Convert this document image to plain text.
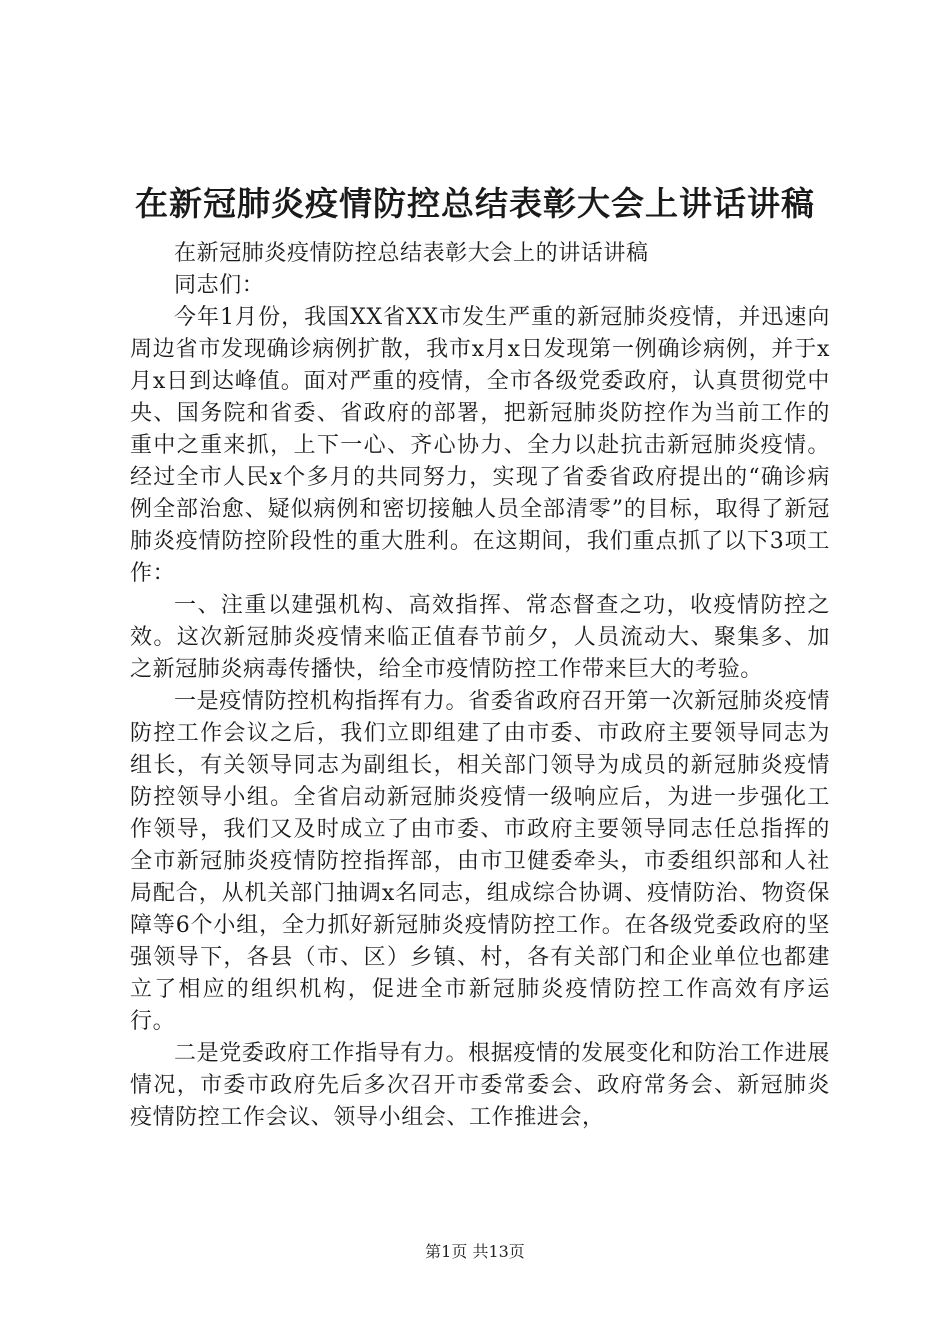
在新冠肺炎疫情防控总结表彰大会上讲话讲稿

在新冠肺炎疫情防控总结表彰大会上的讲话讲稿

同志们：

今年1月份，我国XX省XX市发生严重的新冠肺炎疫情，并迅速向周边省市发现确诊病例扩散，我市x月x日发现第一例确诊病例，并于x月x日到达峰值。面对严重的疫情，全市各级党委政府，认真贯彻党中央、国务院和省委、省政府的部署，把新冠肺炎防控作为当前工作的重中之重来抓，上下一心、齐心协力、全力以赴抗击新冠肺炎疫情。经过全市人民x个多月的共同努力，实现了省委省政府提出的“确诊病例全部治愈、疑似病例和密切接触人员全部清零”的目标，取得了新冠肺炎疫情防控阶段性的重大胜利。在这期间，我们重点抓了以下3项工作：

一、注重以建强机构、高效指挥、常态督查之功，收疫情防控之效。这次新冠肺炎疫情来临正值春节前夕，人员流动大、聚集多、加之新冠肺炎病毒传播快，给全市疫情防控工作带来巨大的考验。

一是疫情防控机构指挥有力。省委省政府召开第一次新冠肺炎疫情防控工作会议之后，我们立即组建了由市委、市政府主要领导同志为组长，有关领导同志为副组长，相关部门领导为成员的新冠肺炎疫情防控领导小组。全省启动新冠肺炎疫情一级响应后，为进一步强化工作领导，我们又及时成立了由市委、市政府主要领导同志任总指挥的全市新冠肺炎疫情防控指挥部，由市卫健委牵头，市委组织部和人社局配合，从机关部门抽调x名同志，组成综合协调、疫情防治、物资保障等6个小组，全力抓好新冠肺炎疫情防控工作。在各级党委政府的坚强领导下，各县（市、区）乡镇、村，各有关部门和企业单位也都建立了相应的组织机构，促进全市新冠肺炎疫情防控工作高效有序运行。

二是党委政府工作指导有力。根据疫情的发展变化和防治工作进展情况，市委市政府先后多次召开市委常委会、政府常务会、新冠肺炎疫情防控工作会议、领导小组会、工作推进会，

第1页 共13页
